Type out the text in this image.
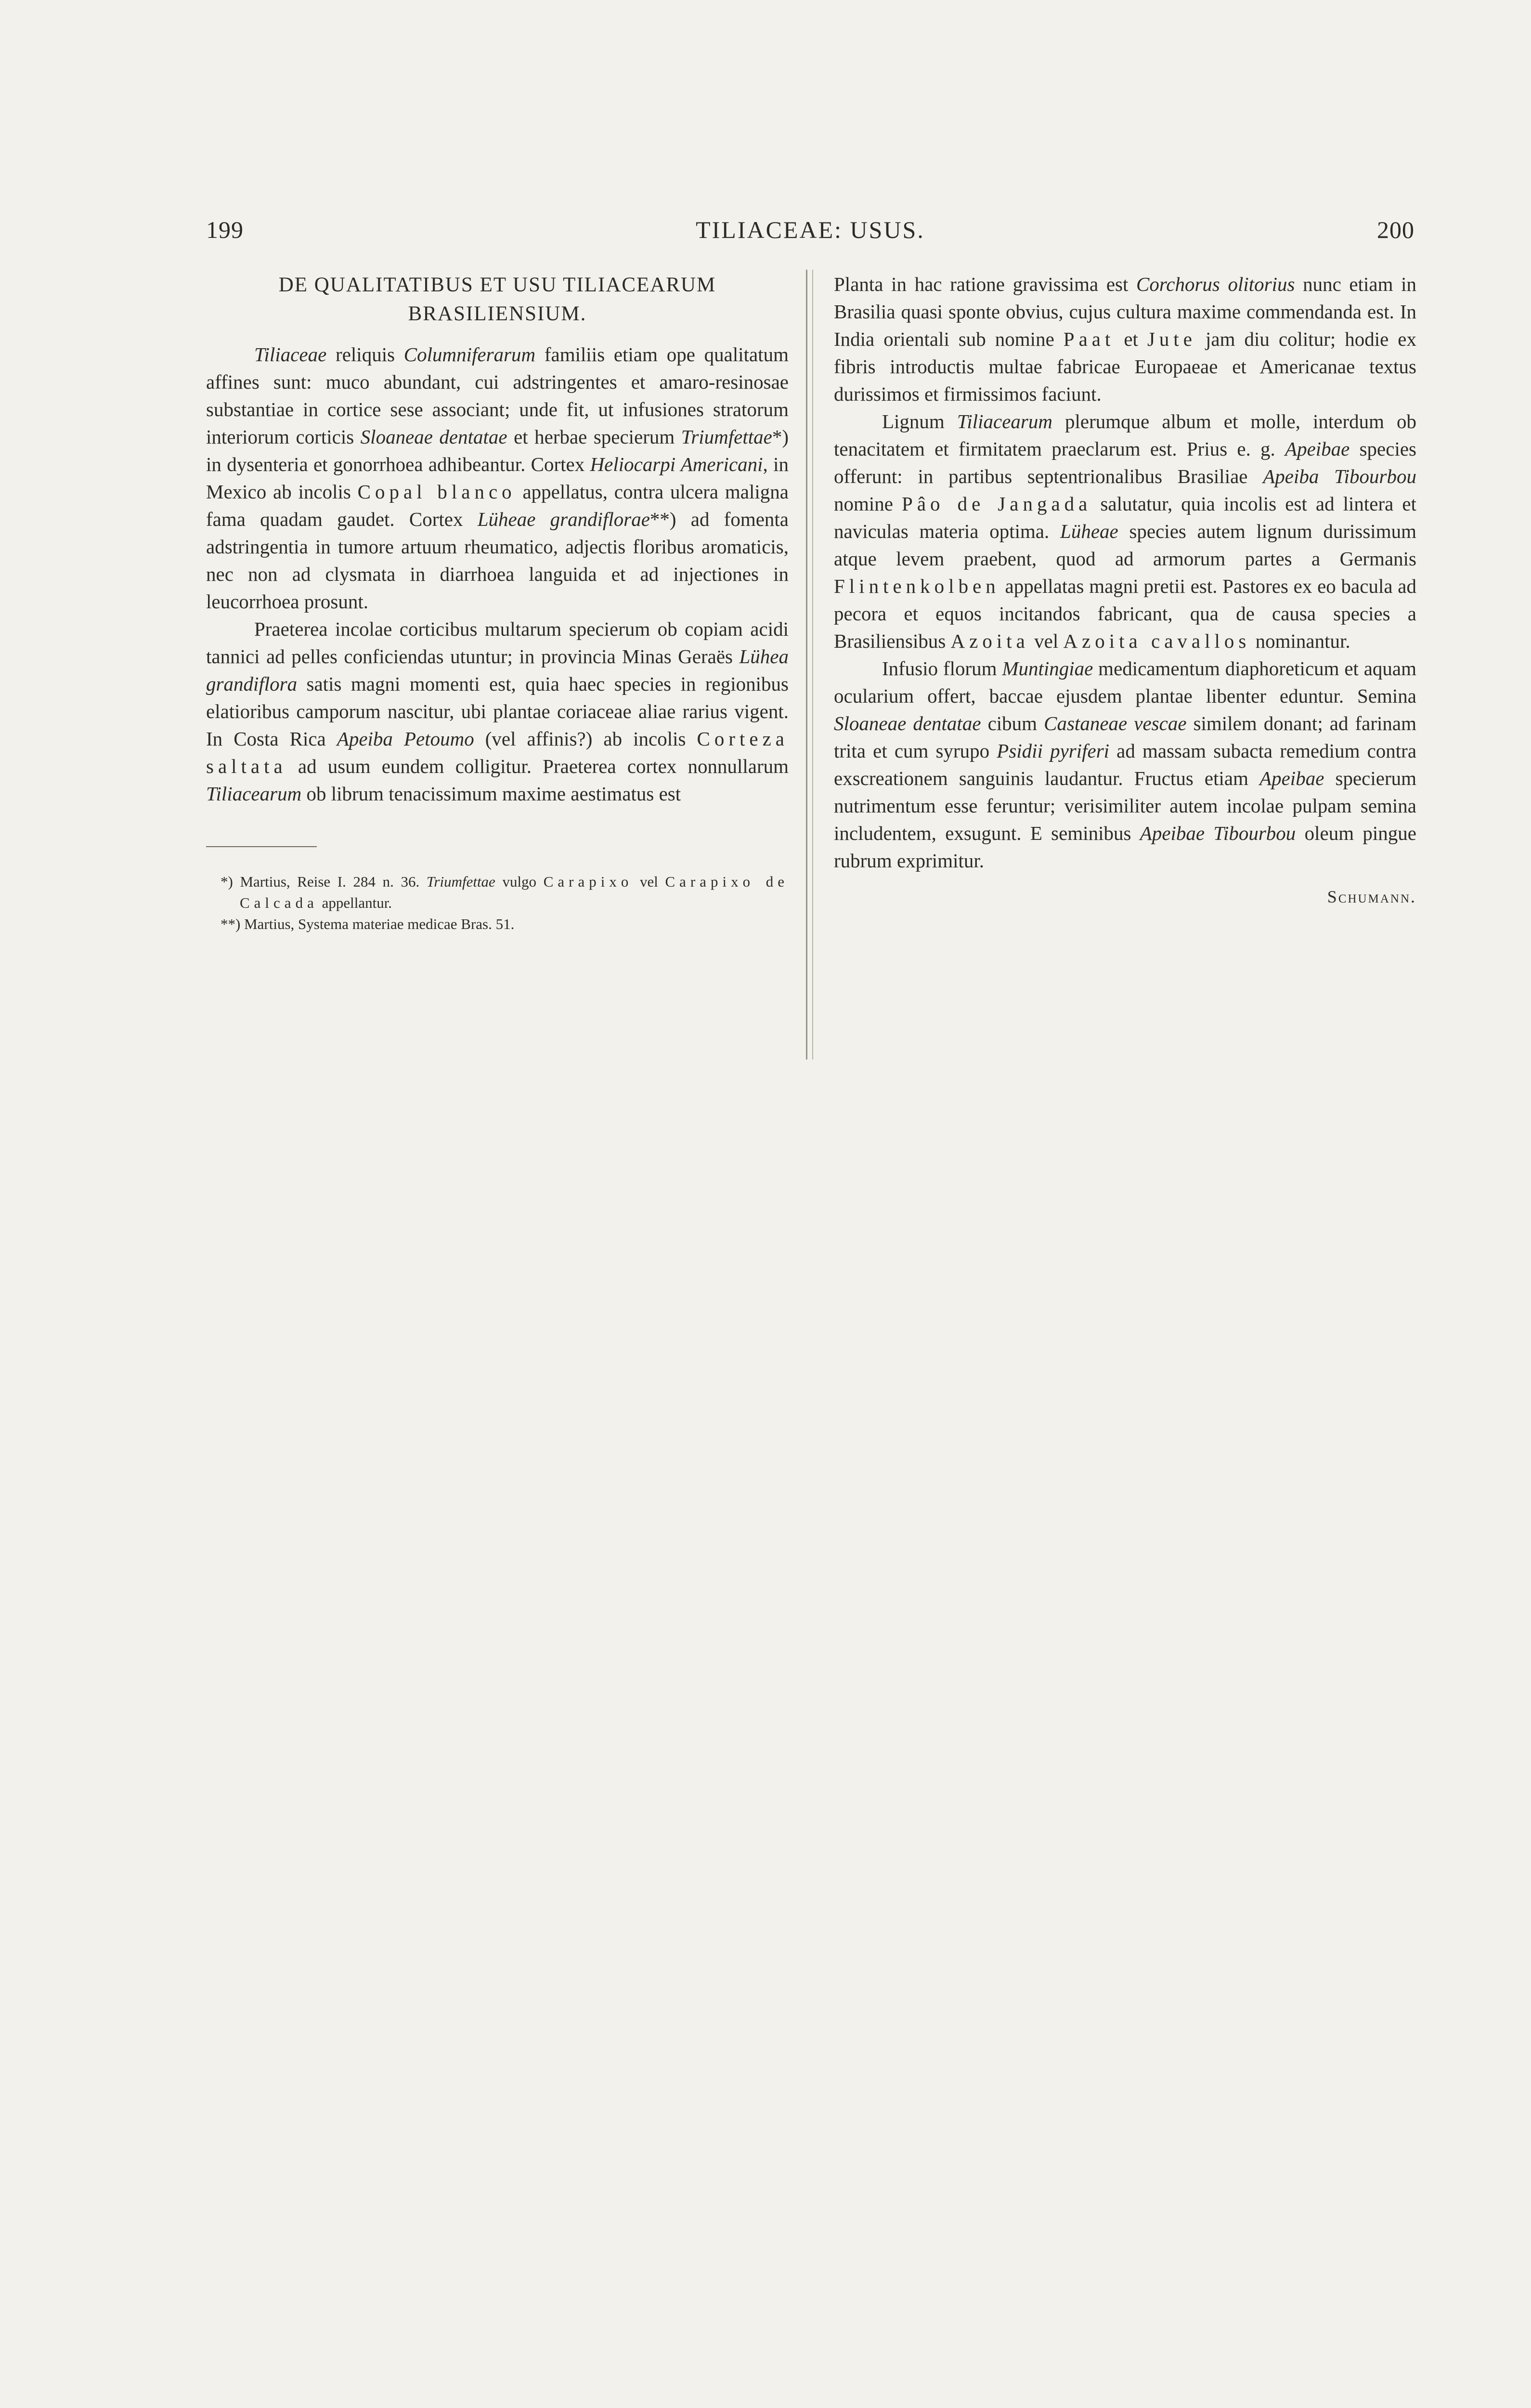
199	TILIACEAE: USUS.	200
DE QUALITATIBUS ET USU TILIACEARUM
BRASILIENSIUM.

Tiliaceae reliquis Columniferarum familiis etiam ope qualitatum affines sunt: muco abundant, cui adstringentes et amaro-resinosae substantiae in cortice sese associant; unde fit, ut infusiones stratorum interiorum corticis Sloaneae dentatae et herbae specierum Triumfettae*) in dysenteria et gonorrhoea adhibeantur. Cortex Heliocarpi Americani, in Mexico ab incolis Copal blanco appellatus, contra ulcera maligna fama quadam gaudet. Cortex Lüheae grandiflorae**) ad fomenta adstringentia in tumore artuum rheumatico, adjectis floribus aromaticis, nec non ad clysmata in diarrhoea languida et ad injectiones in leucorrhoea prosunt.

Praeterea incolae corticibus multarum specierum ob copiam acidi tannici ad pelles conficiendas utuntur; in provincia Minas Geraës Lühea grandiflora satis magni momenti est, quia haec species in regionibus elatioribus camporum nascitur, ubi plantae coriaceae aliae rarius vigent. In Costa Rica Apeiba Petoumo (vel affinis?) ab incolis Corteza saltata ad usum eundem colligitur. Praeterea cortex nonnullarum Tiliacearum ob librum tenacissimum maxime aestimatus est

*) Martius, Reise I. 284 n. 36. Triumfettae vulgo Carapixo vel Carapixo de Calcada appellantur.
**) Martius, Systema materiae medicae Bras. 51.

Planta in hac ratione gravissima est Corchorus olitorius nunc etiam in Brasilia quasi sponte obvius, cujus cultura maxime commendanda est. In India orientali sub nomine Paat et Jute jam diu colitur; hodie ex fibris introductis multae fabricae Europaeae et Americanae textus durissimos et firmissimos faciunt.

Lignum Tiliacearum plerumque album et molle, interdum ob tenacitatem et firmitatem praeclarum est. Prius e. g. Apeibae species offerunt: in partibus septentrionalibus Brasiliae Apeiba Tibourbou nomine Pâo de Jangada salutatur, quia incolis est ad lintera et naviculas materia optima. Lüheae species autem lignum durissimum atque levem praebent, quod ad armorum partes a Germanis Flintenkolben appellatas magni pretii est. Pastores ex eo bacula ad pecora et equos incitandos fabricant, qua de causa species a Brasiliensibus Azoita vel Azoita cavallos nominantur.

Infusio florum Muntingiae medicamentum diaphoreticum et aquam ocularium offert, baccae ejusdem plantae libenter eduntur. Semina Sloaneae dentatae cibum Castaneae vescae similem donant; ad farinam trita et cum syrupo Psidii pyriferi ad massam subacta remedium contra exscreationem sanguinis laudantur. Fructus etiam Apeibae specierum nutrimentum esse feruntur; verisimiliter autem incolae pulpam semina includentem, exsugunt. E seminibus Apeibae Tibourbou oleum pingue rubrum exprimitur.

Schumann.
